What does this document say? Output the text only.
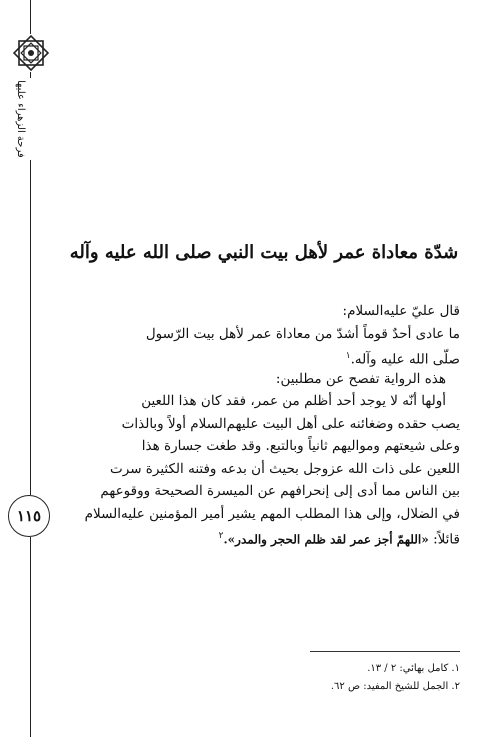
فرحة الزهراء عليها
١١٥
شدّة معاداة عمر لأهل بيت النبي صلى الله عليه وآله
قال عليّ عليه‌السلام:
ما عادى أحدٌ قوماً أشدّ من معاداة عمر لأهل بيت الرّسول
صلّى الله عليه وآله.$^١$
هذه الرواية تفصح عن مطلبين:
أولها أنّه لا يوجد أحد أظلم من عمر، فقد كان هذا اللعين
يصب حقده وضغائنه على أهل البيت عليهم‌السلام أولاً وبالذات
وعلى شيعتهم ومواليهم ثانياً وبالتبع. وقد طغت جسارة هذا
اللعين على ذات الله عزوجل بحيث أن بدعه وفتنه الكثيرة سرت
بين الناس مما أدى إلى إنحرافهم عن الميسرة الصحيحة ووقوعهم
في الضلال، وإلى هذا المطلب المهم يشير أمير المؤمنين عليه‌السلام
قائلاً: «اللهمّ أجز عمر لقد ظلم الحجر والمدر».$^٢$
١. كامل بهائي: ٢ / ١٣.
٢. الجمل للشيخ المفيد: ص ٦٢.
